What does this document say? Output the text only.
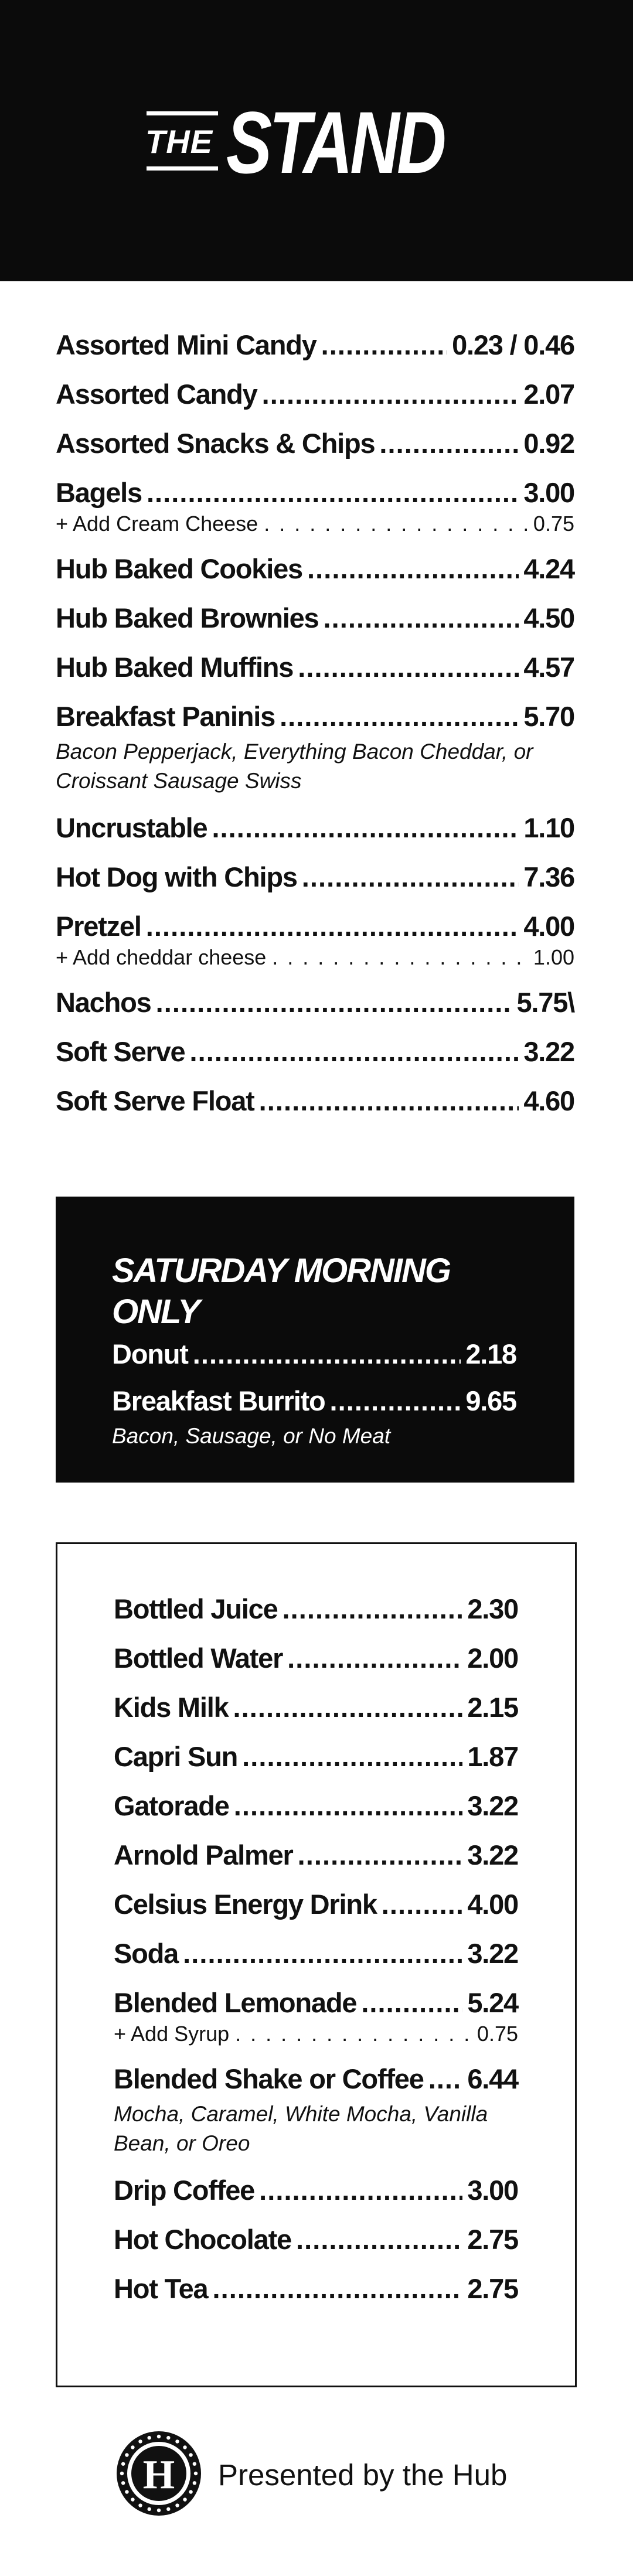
THE STAND
Assorted Mini Candy . . .	0.23 / 0.46
Assorted Candy . . .	2.07
Assorted Snacks & Chips . . .	0.92
Bagels . . .	3.00
+ Add Cream Cheese . . .	0.75
Hub Baked Cookies . . .	4.24
Hub Baked Brownies . . .	4.50
Hub Baked Muffins . . .	4.57
Breakfast Paninis . . .	5.70
Bacon Pepperjack, Everything Bacon Cheddar, or Croissant Sausage Swiss
Uncrustable . . .	1.10
Hot Dog with Chips . . .	7.36
Pretzel . . .	4.00
+ Add cheddar cheese . . .	1.00
Nachos . . .	5.75\
Soft Serve . . .	3.22
Soft Serve Float . . .	4.60
SATURDAY MORNING ONLY
Donut . . .	2.18
Breakfast Burrito . . .	9.65
Bacon, Sausage, or No Meat
Bottled Juice . . .	2.30
Bottled Water . . .	2.00
Kids Milk . . .	2.15
Capri Sun . . .	1.87
Gatorade . . .	3.22
Arnold Palmer . . .	3.22
Celsius Energy Drink . . .	4.00
Soda . . .	3.22
Blended Lemonade . . .	5.24
+ Add Syrup . . .	0.75
Blended Shake or Coffee . . . 6.44
Mocha, Caramel, White Mocha, Vanilla Bean, or Oreo
Drip Coffee . . .	3.00
Hot Chocolate . . .	2.75
Hot Tea . . .	2.75
H Presented by the Hub
